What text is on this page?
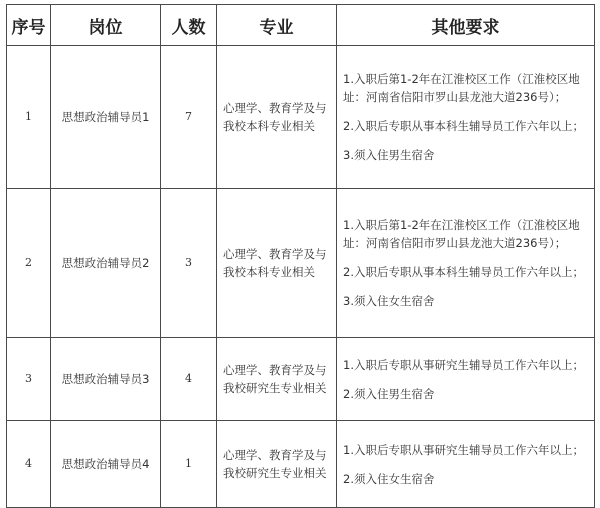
序号	岗位	人数	专业	其他要求
1	思想政治辅导员1	7	心理学、教育学及与我校本科专业相关	1.入职后第1-2年在江淮校区工作（江淮校区地址：河南省信阳市罗山县龙池大道236号）；

2.入职后专职从事本科生辅导员工作六年以上；

3.须入住男生宿舍

2	思想政治辅导员2	3	心理学、教育学及与我校本科专业相关	1.入职后第1-2年在江淮校区工作（江淮校区地址：河南省信阳市罗山县龙池大道236号）；

2.入职后专职从事本科生辅导员工作六年以上；

3.须入住女生宿舍

3	思想政治辅导员3	4	心理学、教育学及与我校研究生专业相关	1.入职后专职从事研究生辅导员工作六年以上；

2.须入住男生宿舍

4	思想政治辅导员4	1	心理学、教育学及与我校研究生专业相关	1.入职后专职从事研究生辅导员工作六年以上；

2.须入住女生宿舍
